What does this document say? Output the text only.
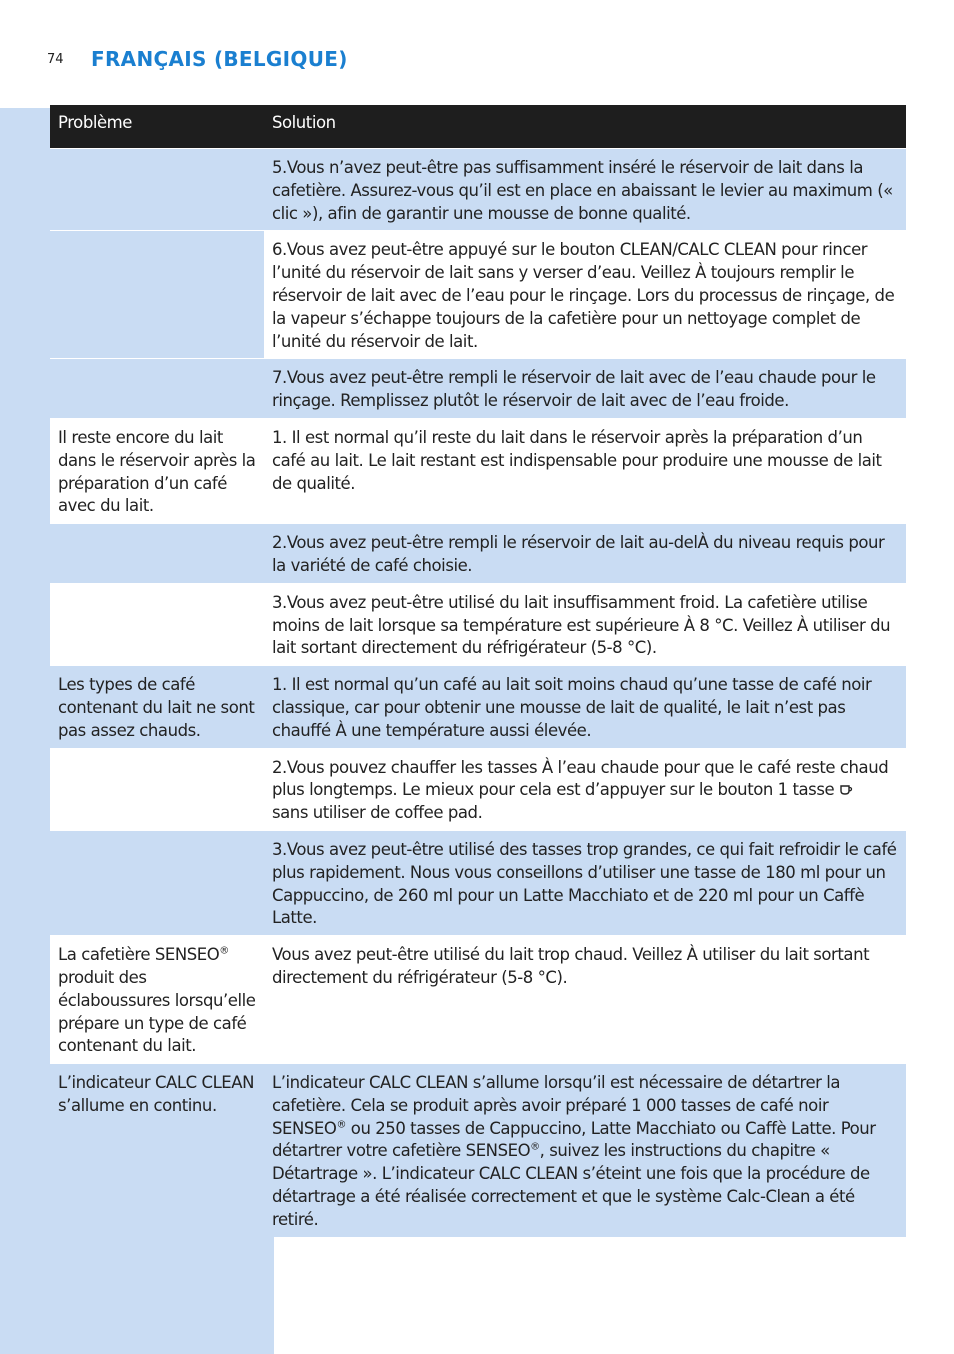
74 FRANÇAIS (BELGIQUE)
Problème	Solution
	5.Vous n’avez peut-être pas suffisamment inséré le réservoir de lait dans la cafetière. Assurez-vous qu’il est en place en abaissant le levier au maximum (« clic »), afin de garantir une mousse de bonne qualité.
	6.Vous avez peut-être appuyé sur le bouton CLEAN/CALC CLEAN pour rincer l’unité du réservoir de lait sans y verser d’eau. Veillez À toujours remplir le réservoir de lait avec de l’eau pour le rinçage. Lors du processus de rinçage, de la vapeur s’échappe toujours de la cafetière pour un nettoyage complet de l’unité du réservoir de lait.
	7.Vous avez peut-être rempli le réservoir de lait avec de l’eau chaude pour le rinçage. Remplissez plutôt le réservoir de lait avec de l’eau froide.
Il reste encore du lait dans le réservoir après la préparation d’un café avec du lait.	1. Il est normal qu’il reste du lait dans le réservoir après la préparation d’un café au lait. Le lait restant est indispensable pour produire une mousse de lait de qualité.
	2.Vous avez peut-être rempli le réservoir de lait au-delÀ du niveau requis pour la variété de café choisie.
	3.Vous avez peut-être utilisé du lait insuffisamment froid. La cafetière utilise moins de lait lorsque sa température est supérieure À 8 °C. Veillez À utiliser du lait sortant directement du réfrigérateur (5-8 °C).
Les types de café contenant du lait ne sont pas assez chauds.	1. Il est normal qu’un café au lait soit moins chaud qu’une tasse de café noir classique, car pour obtenir une mousse de lait de qualité, le lait n’est pas chauffé À une température aussi élevée.
	2.Vous pouvez chauffer les tasses À l’eau chaude pour que le café reste chaud plus longtemps. Le mieux pour cela est d’appuyer sur le bouton 1 tasse
sans utiliser de coffee pad.
	3.Vous avez peut-être utilisé des tasses trop grandes, ce qui fait refroidir le café plus rapidement. Nous vous conseillons d’utiliser une tasse de 180 ml pour un Cappuccino, de 260 ml pour un Latte Macchiato et de 220 ml pour un Caffè Latte.
La cafetière SENSEO® produit des éclaboussures lorsqu’elle prépare un type de café contenant du lait.	Vous avez peut-être utilisé du lait trop chaud. Veillez À utiliser du lait sortant directement du réfrigérateur (5-8 °C).
L’indicateur CALC CLEAN s’allume en continu.	L’indicateur CALC CLEAN s’allume lorsqu’il est nécessaire de détartrer la cafetière. Cela se produit après avoir préparé 1 000 tasses de café noir SENSEO® ou 250 tasses de Cappuccino, Latte Macchiato ou Caffè Latte. Pour détartrer votre cafetière SENSEO®, suivez les instructions du chapitre « Détartrage ». L’indicateur CALC CLEAN s’éteint une fois que la procédure de détartrage a été réalisée correctement et que le système Calc-Clean a été retiré.
